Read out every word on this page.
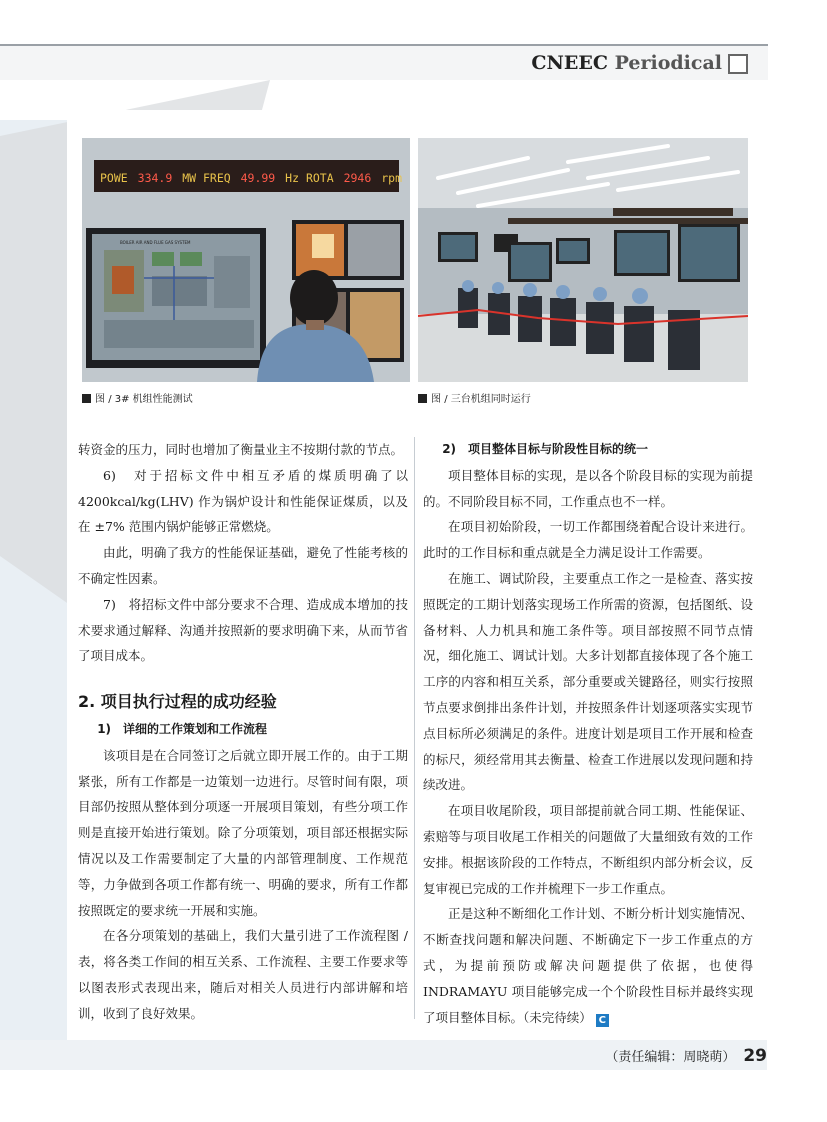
CNEEC Periodical
POWE 334.9 MW FREQ 49.99 Hz ROTA 2946 rpm
BOILER AIR AND FLUE GAS SYSTEM
图 / 3# 机组性能测试	图 / 三台机组同时运行

转资金的压力，同时也增加了衡量业主不按期付款的节点。

6)　对于招标文件中相互矛盾的煤质明确了以 4200kcal/kg(LHV) 作为锅炉设计和性能保证煤质，以及在 ±7% 范围内锅炉能够正常燃烧。

由此，明确了我方的性能保证基础，避免了性能考核的不确定性因素。

7)　将招标文件中部分要求不合理、造成成本增加的技术要求通过解释、沟通并按照新的要求明确下来，从而节省了项目成本。

2. 项目执行过程的成功经验
1)　详细的工作策划和工作流程

该项目是在合同签订之后就立即开展工作的。由于工期紧张，所有工作都是一边策划一边进行。尽管时间有限，项目部仍按照从整体到分项逐一开展项目策划，有些分项工作则是直接开始进行策划。除了分项策划，项目部还根据实际情况以及工作需要制定了大量的内部管理制度、工作规范等，力争做到各项工作都有统一、明确的要求，所有工作都按照既定的要求统一开展和实施。

在各分项策划的基础上，我们大量引进了工作流程图 / 表，将各类工作间的相互关系、工作流程、主要工作要求等以图表形式表现出来，随后对相关人员进行内部讲解和培训，收到了良好效果。

2)　项目整体目标与阶段性目标的统一

项目整体目标的实现，是以各个阶段目标的实现为前提的。不同阶段目标不同，工作重点也不一样。

在项目初始阶段，一切工作都围绕着配合设计来进行。此时的工作目标和重点就是全力满足设计工作需要。

在施工、调试阶段，主要重点工作之一是检查、落实按照既定的工期计划落实现场工作所需的资源，包括图纸、设备材料、人力机具和施工条件等。项目部按照不同节点情况，细化施工、调试计划。大多计划都直接体现了各个施工工序的内容和相互关系，部分重要或关键路径，则实行按照节点要求倒排出条件计划，并按照条件计划逐项落实实现节点目标所必须满足的条件。进度计划是项目工作开展和检查的标尺，须经常用其去衡量、检查工作进展以发现问题和持续改进。

在项目收尾阶段，项目部提前就合同工期、性能保证、索赔等与项目收尾工作相关的问题做了大量细致有效的工作安排。根据该阶段的工作特点，不断组织内部分析会议，反复审视已完成的工作并梳理下一步工作重点。

正是这种不断细化工作计划、不断分析计划实施情况、不断查找问题和解决问题、不断确定下一步工作重点的方式，为提前预防或解决问题提供了依据，也使得 INDRAMAYU 项目能够完成一个个阶段性目标并最终实现了项目整体目标。（未完待续） C

（责任编辑：周晓萌） 29
